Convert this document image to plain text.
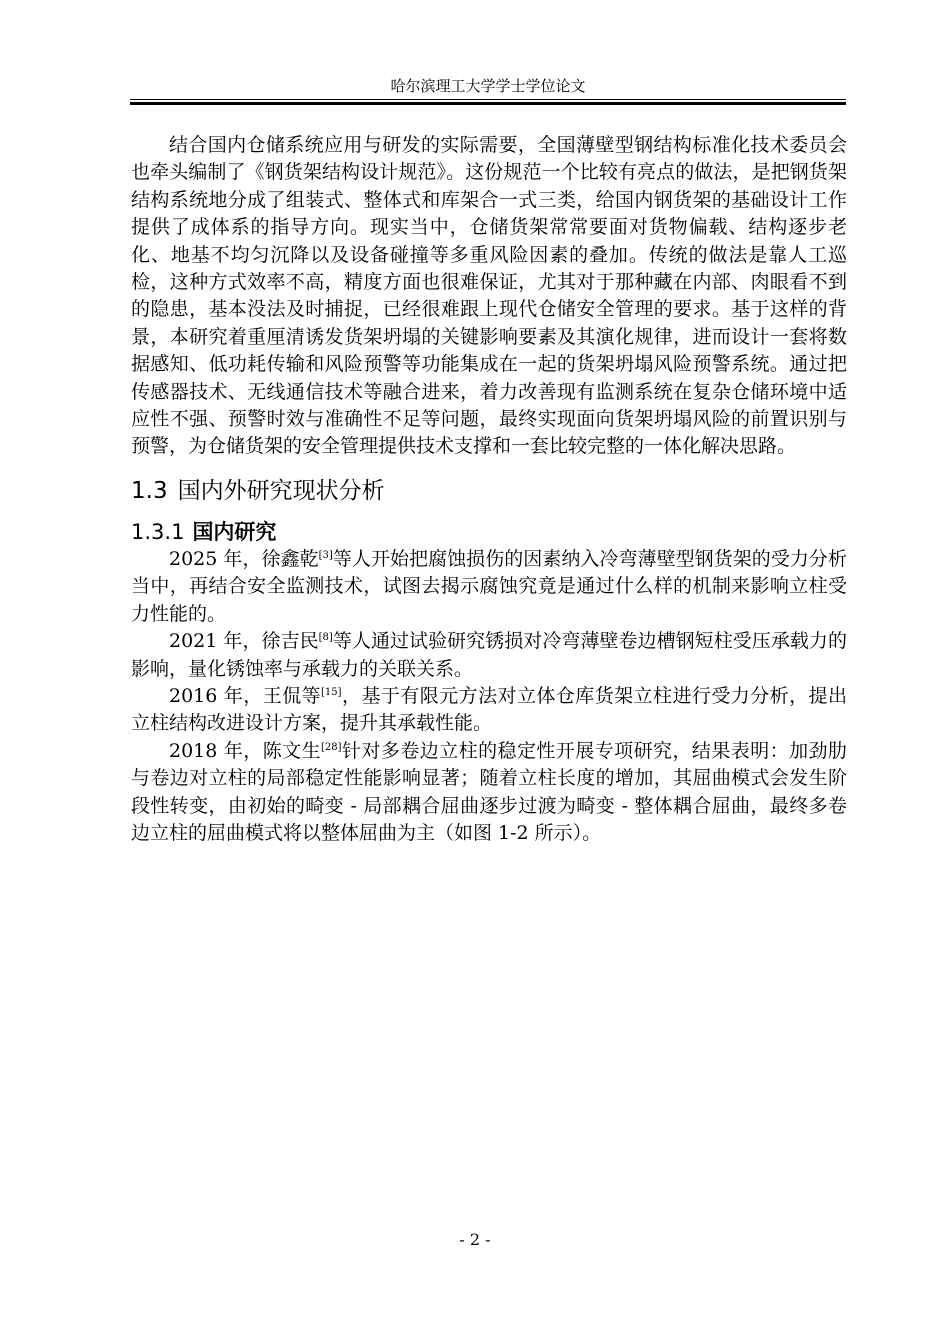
哈尔滨理工大学学士学位论文

结合国内仓储系统应用与研发的实际需要，全国薄壁型钢结构标准化技术委员会也牵头编制了《钢货架结构设计规范》。这份规范一个比较有亮点的做法，是把钢货架结构系统地分成了组装式、整体式和库架合一式三类，给国内钢货架的基础设计工作提供了成体系的指导方向。现实当中，仓储货架常常要面对货物偏载、结构逐步老化、地基不均匀沉降以及设备碰撞等多重风险因素的叠加。传统的做法是靠人工巡检，这种方式效率不高，精度方面也很难保证，尤其对于那种藏在内部、肉眼看不到的隐患，基本没法及时捕捉，已经很难跟上现代仓储安全管理的要求。基于这样的背景，本研究着重厘清诱发货架坍塌的关键影响要素及其演化规律，进而设计一套将数据感知、低功耗传输和风险预警等功能集成在一起的货架坍塌风险预警系统。通过把传感器技术、无线通信技术等融合进来，着力改善现有监测系统在复杂仓储环境中适应性不强、预警时效与准确性不足等问题，最终实现面向货架坍塌风险的前置识别与预警，为仓储货架的安全管理提供技术支撑和一套比较完整的一体化解决思路。

1.3 国内外研究现状分析
1.3.1 国内研究

2025 年，徐鑫乾[3]等人开始把腐蚀损伤的因素纳入冷弯薄壁型钢货架的受力分析当中，再结合安全监测技术，试图去揭示腐蚀究竟是通过什么样的机制来影响立柱受力性能的。

2021 年，徐吉民[8]等人通过试验研究锈损对冷弯薄壁卷边槽钢短柱受压承载力的影响，量化锈蚀率与承载力的关联关系。

2016 年，王侃等[15]，基于有限元方法对立体仓库货架立柱进行受力分析，提出立柱结构改进设计方案，提升其承载性能。

2018 年，陈文生[28]针对多卷边立柱的稳定性开展专项研究，结果表明：加劲肋与卷边对立柱的局部稳定性能影响显著；随着立柱长度的增加，其屈曲模式会发生阶段性转变，由初始的畸变 - 局部耦合屈曲逐步过渡为畸变 - 整体耦合屈曲，最终多卷边立柱的屈曲模式将以整体屈曲为主（如图 1-2 所示）。

- 2 -
